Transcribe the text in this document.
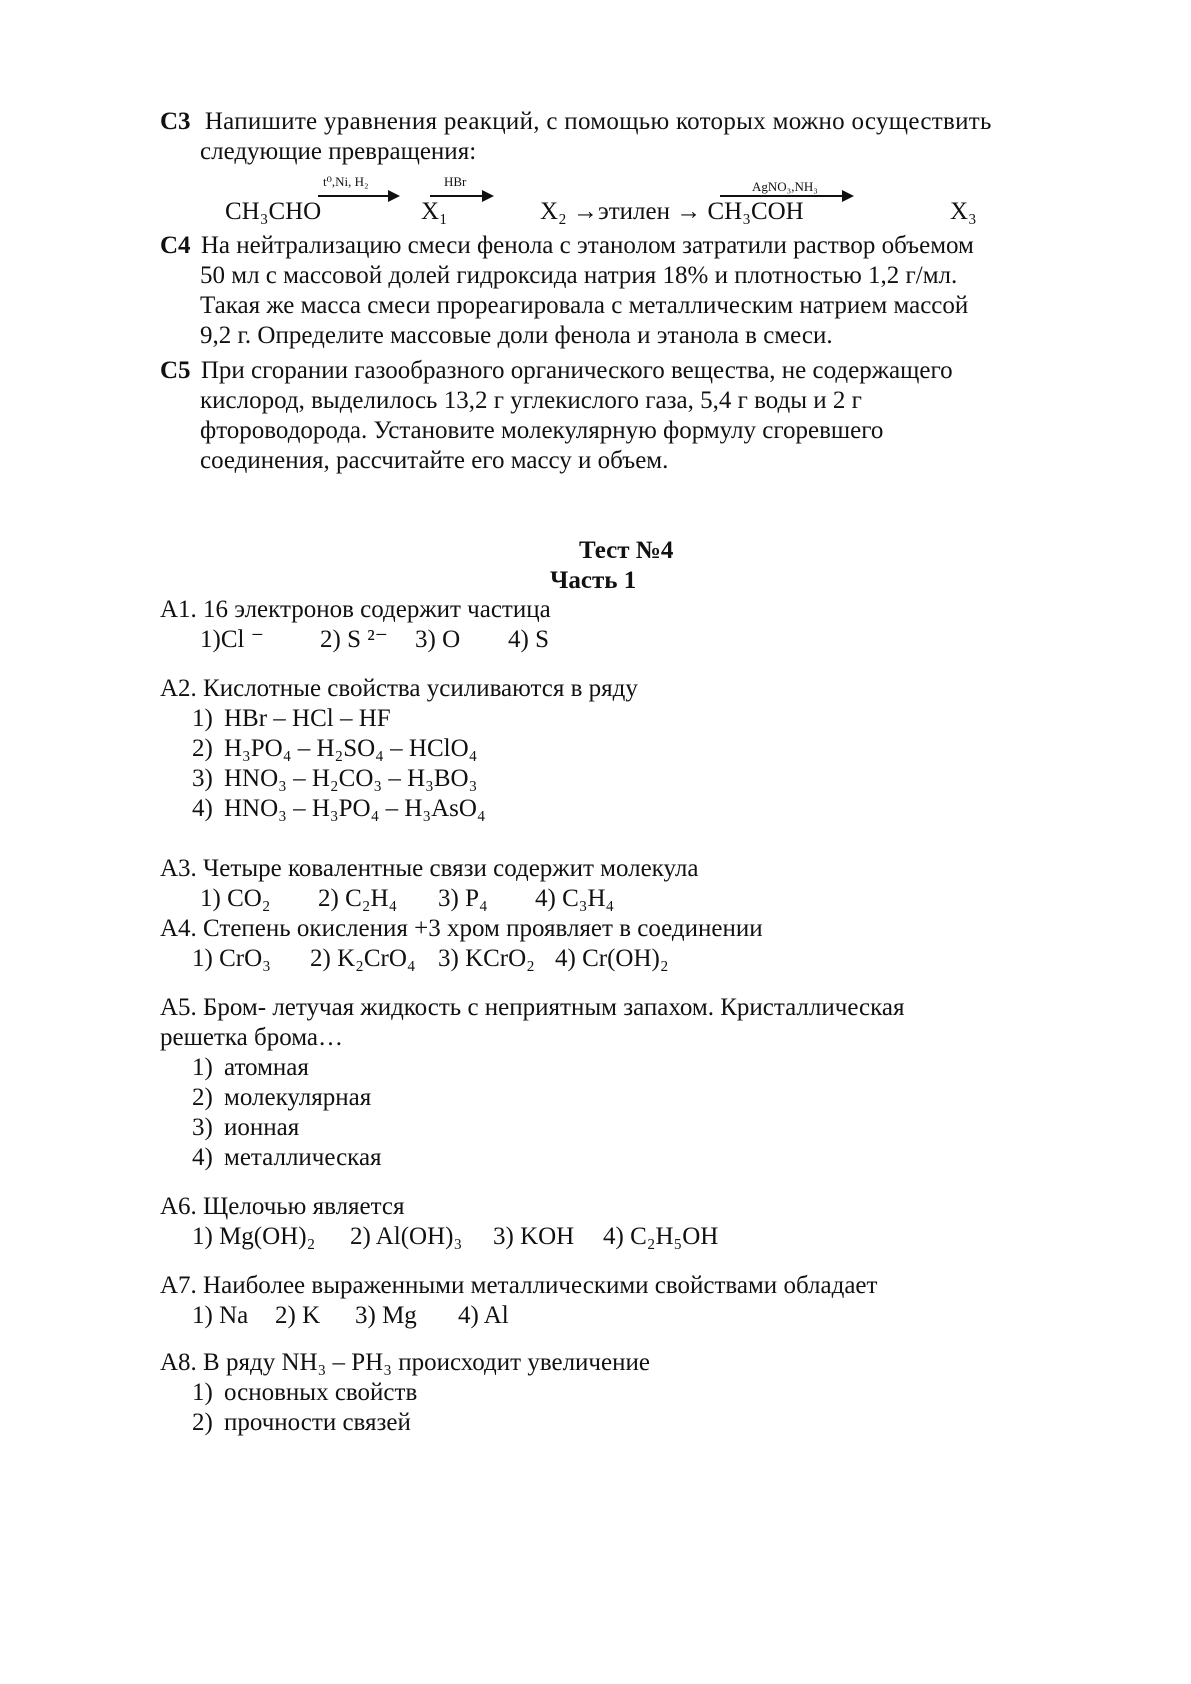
С3 Напишите уравнения реакций, с помощью которых можно осуществить
следующие превращения:
t⁰,Ni, H₂	HBr	AgNO₃,NH₃
CH₃CHO	X₁	X₂ →этилен → CH₃COH	X₃
С4 На нейтрализацию смеси фенола с этанолом затратили раствор объемом
50 мл с массовой долей гидроксида натрия 18% и плотностью 1,2 г/мл.
Такая же масса смеси прореагировала с металлическим натрием массой
9,2 г. Определите массовые доли фенола и этанола в смеси.
С5 При сгорании газообразного органического вещества, не содержащего
кислород, выделилось 13,2 г углекислого газа, 5,4 г воды и 2 г
фтороводорода. Установите молекулярную формулу сгоревшего
соединения, рассчитайте его массу и объем.
Тест №4
Часть 1
А1. 16 электронов содержит частица
1)Cl ⁻ 2) S ²⁻ 3) O 4) S
А2. Кислотные свойства усиливаются в ряду
1) HBr – HCl – HF
2) H₃PO₄ – H₂SO₄ – HClO₄
3) HNO₃ – H₂CO₃ – H₃BO₃
4) HNO₃ – H₃PO₄ – H₃AsO₄
А3. Четыре ковалентные связи содержит молекула
1) CO₂ 2) C₂H₄ 3) P₄ 4) C₃H₄
А4. Степень окисления +3 хром проявляет в соединении
1) CrO₃ 2) K₂CrO₄ 3) KCrO₂ 4) Cr(OH)₂
А5. Бром- летучая жидкость с неприятным запахом. Кристаллическая
решетка брома…
1) атомная
2) молекулярная
3) ионная
4) металлическая
А6. Щелочью является
1) Mg(OH)₂ 2) Al(OH)₃ 3) KOH 4) C₂H₅OH
А7. Наиболее выраженными металлическими свойствами обладает
1) Na 2) K 3) Mg 4) Al
А8. В ряду NH₃ – PH₃ происходит увеличение
1) основных свойств
2) прочности связей
